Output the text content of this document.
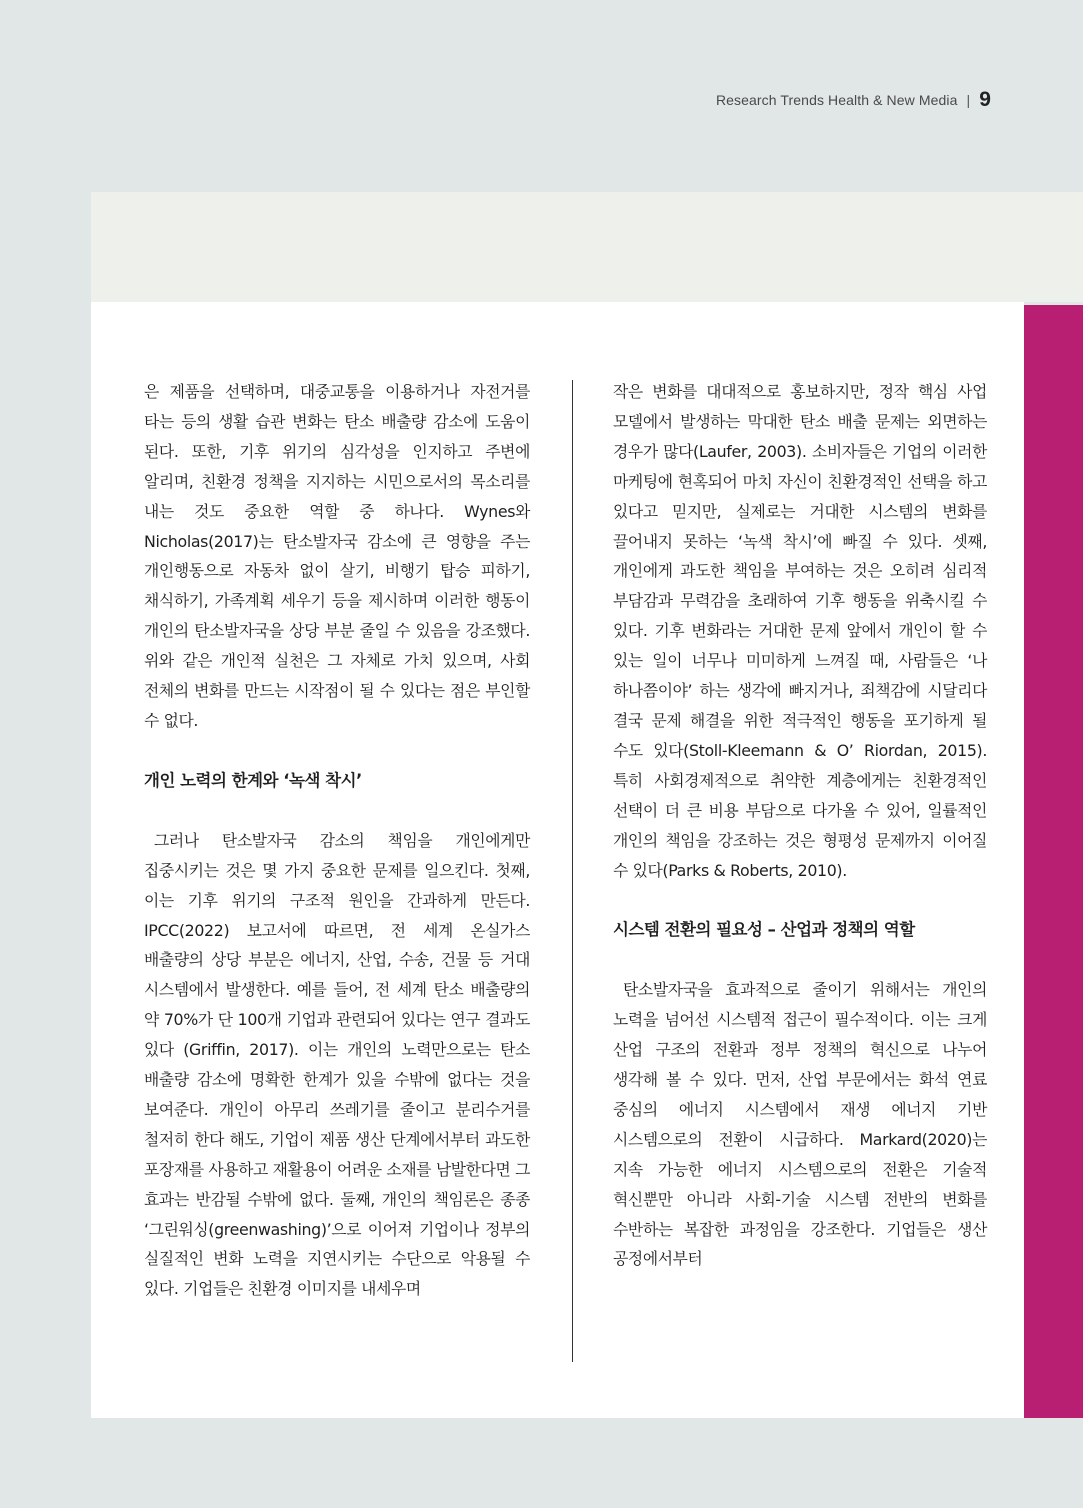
Research Trends Health & New Media | 9

은 제품을 선택하며, 대중교통을 이용하거나 자전거를 타는 등의 생활 습관 변화는 탄소 배출량 감소에 도움이 된다. 또한, 기후 위기의 심각성을 인지하고 주변에 알리며, 친환경 정책을 지지하는 시민으로서의 목소리를 내는 것도 중요한 역할 중 하나다. Wynes와 Nicholas(2017)는 탄소발자국 감소에 큰 영향을 주는 개인행동으로 자동차 없이 살기, 비행기 탑승 피하기, 채식하기, 가족계획 세우기 등을 제시하며 이러한 행동이 개인의 탄소발자국을 상당 부분 줄일 수 있음을 강조했다. 위와 같은 개인적 실천은 그 자체로 가치 있으며, 사회 전체의 변화를 만드는 시작점이 될 수 있다는 점은 부인할 수 없다.

개인 노력의 한계와 ‘녹색 착시’

그러나 탄소발자국 감소의 책임을 개인에게만 집중시키는 것은 몇 가지 중요한 문제를 일으킨다. 첫째, 이는 기후 위기의 구조적 원인을 간과하게 만든다. IPCC(2022) 보고서에 따르면, 전 세계 온실가스 배출량의 상당 부분은 에너지, 산업, 수송, 건물 등 거대 시스템에서 발생한다. 예를 들어, 전 세계 탄소 배출량의 약 70%가 단 100개 기업과 관련되어 있다는 연구 결과도 있다 (Griffin, 2017). 이는 개인의 노력만으로는 탄소 배출량 감소에 명확한 한계가 있을 수밖에 없다는 것을 보여준다. 개인이 아무리 쓰레기를 줄이고 분리수거를 철저히 한다 해도, 기업이 제품 생산 단계에서부터 과도한 포장재를 사용하고 재활용이 어려운 소재를 남발한다면 그 효과는 반감될 수밖에 없다. 둘째, 개인의 책임론은 종종 ‘그린워싱(greenwashing)’으로 이어져 기업이나 정부의 실질적인 변화 노력을 지연시키는 수단으로 악용될 수 있다. 기업들은 친환경 이미지를 내세우며

작은 변화를 대대적으로 홍보하지만, 정작 핵심 사업 모델에서 발생하는 막대한 탄소 배출 문제는 외면하는 경우가 많다(Laufer, 2003). 소비자들은 기업의 이러한 마케팅에 현혹되어 마치 자신이 친환경적인 선택을 하고 있다고 믿지만, 실제로는 거대한 시스템의 변화를 끌어내지 못하는 ‘녹색 착시’에 빠질 수 있다. 셋째, 개인에게 과도한 책임을 부여하는 것은 오히려 심리적 부담감과 무력감을 초래하여 기후 행동을 위축시킬 수 있다. 기후 변화라는 거대한 문제 앞에서 개인이 할 수 있는 일이 너무나 미미하게 느껴질 때, 사람들은 ‘나 하나쯤이야’ 하는 생각에 빠지거나, 죄책감에 시달리다 결국 문제 해결을 위한 적극적인 행동을 포기하게 될 수도 있다(Stoll-Kleemann & O’ Riordan, 2015). 특히 사회경제적으로 취약한 계층에게는 친환경적인 선택이 더 큰 비용 부담으로 다가올 수 있어, 일률적인 개인의 책임을 강조하는 것은 형평성 문제까지 이어질 수 있다(Parks & Roberts, 2010).

시스템 전환의 필요성 – 산업과 정책의 역할

탄소발자국을 효과적으로 줄이기 위해서는 개인의 노력을 넘어선 시스템적 접근이 필수적이다. 이는 크게 산업 구조의 전환과 정부 정책의 혁신으로 나누어 생각해 볼 수 있다. 먼저, 산업 부문에서는 화석 연료 중심의 에너지 시스템에서 재생 에너지 기반 시스템으로의 전환이 시급하다. Markard(2020)는 지속 가능한 에너지 시스템으로의 전환은 기술적 혁신뿐만 아니라 사회-기술 시스템 전반의 변화를 수반하는 복잡한 과정임을 강조한다. 기업들은 생산 공정에서부터
